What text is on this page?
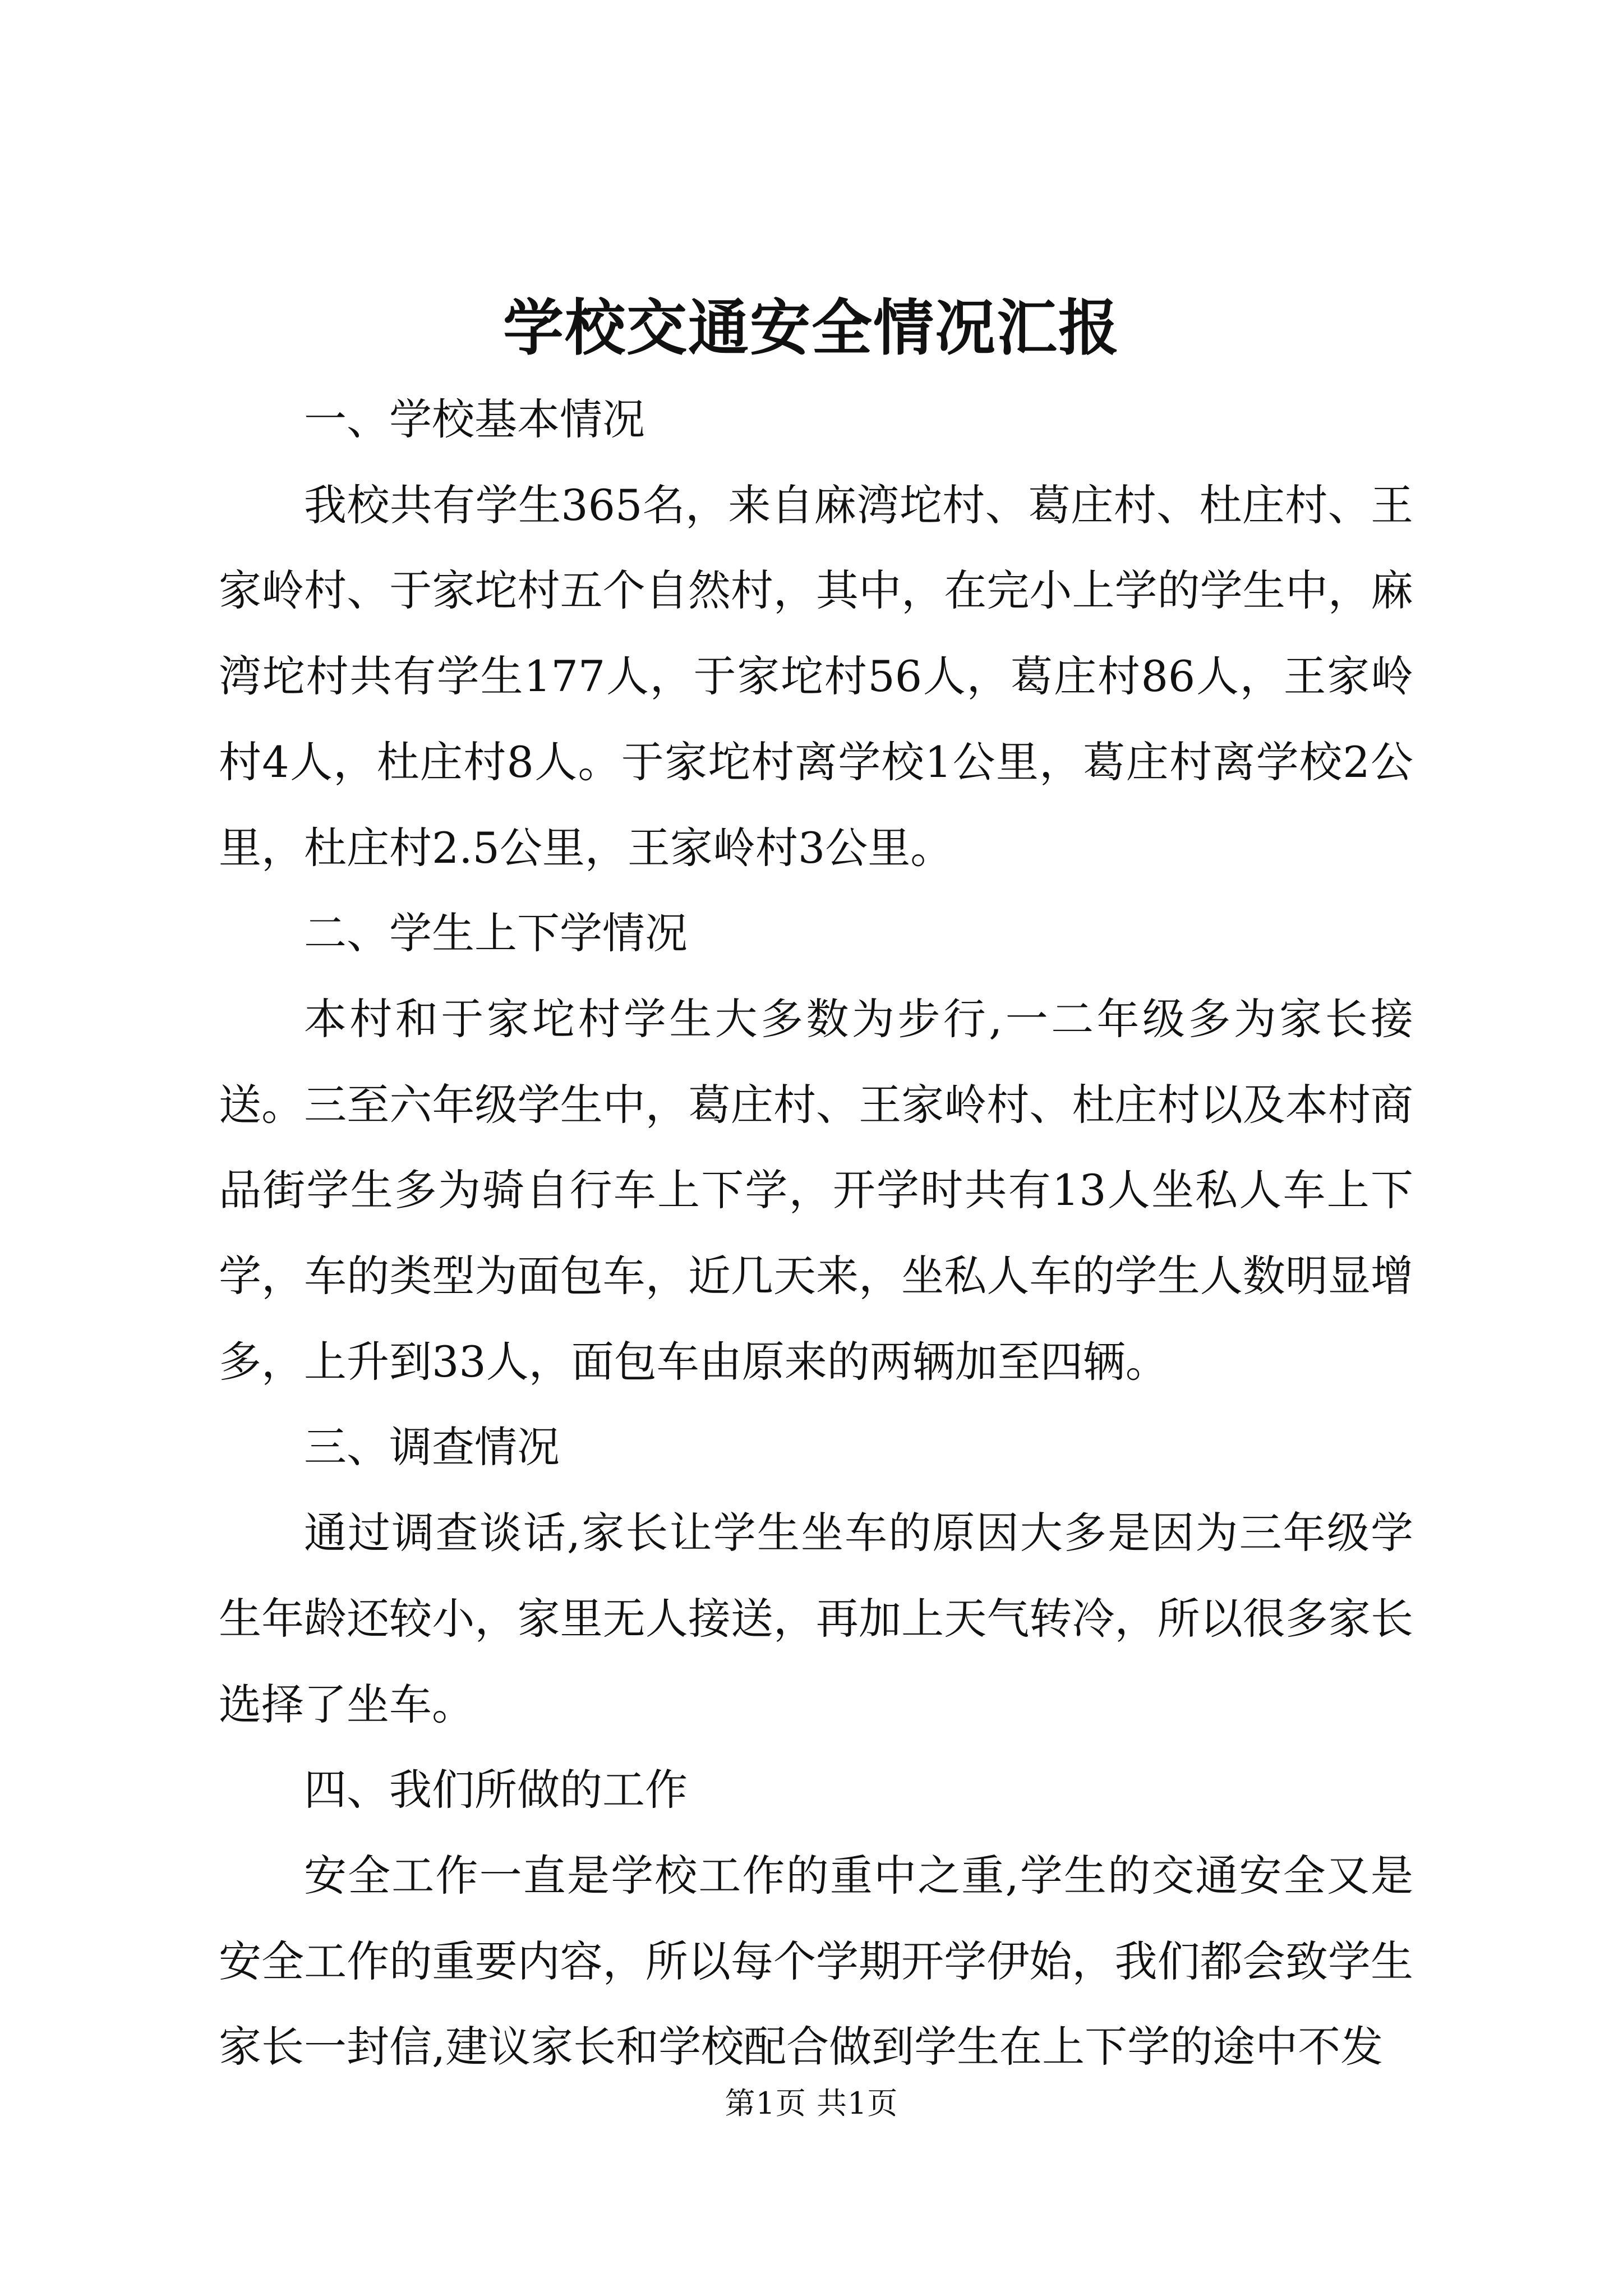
学校交通安全情况汇报

一、学校基本情况

我校共有学生365名，来自麻湾坨村、葛庄村、杜庄村、王家岭村、于家坨村五个自然村，其中，在完小上学的学生中，麻湾坨村共有学生177人，于家坨村56人，葛庄村86人，王家岭村4人，杜庄村8人。于家坨村离学校1公里，葛庄村离学校2公里，杜庄村2.5公里，王家岭村3公里。

二、学生上下学情况

本村和于家坨村学生大多数为步行,一二年级多为家长接送。三至六年级学生中，葛庄村、王家岭村、杜庄村以及本村商品街学生多为骑自行车上下学，开学时共有13人坐私人车上下学，车的类型为面包车，近几天来，坐私人车的学生人数明显增多，上升到33人，面包车由原来的两辆加至四辆。

三、调查情况

通过调查谈话,家长让学生坐车的原因大多是因为三年级学生年龄还较小，家里无人接送，再加上天气转冷，所以很多家长选择了坐车。

四、我们所做的工作

安全工作一直是学校工作的重中之重,学生的交通安全又是安全工作的重要内容，所以每个学期开学伊始，我们都会致学生家长一封信,建议家长和学校配合做到学生在上下学的途中不发

第1页 共1页
